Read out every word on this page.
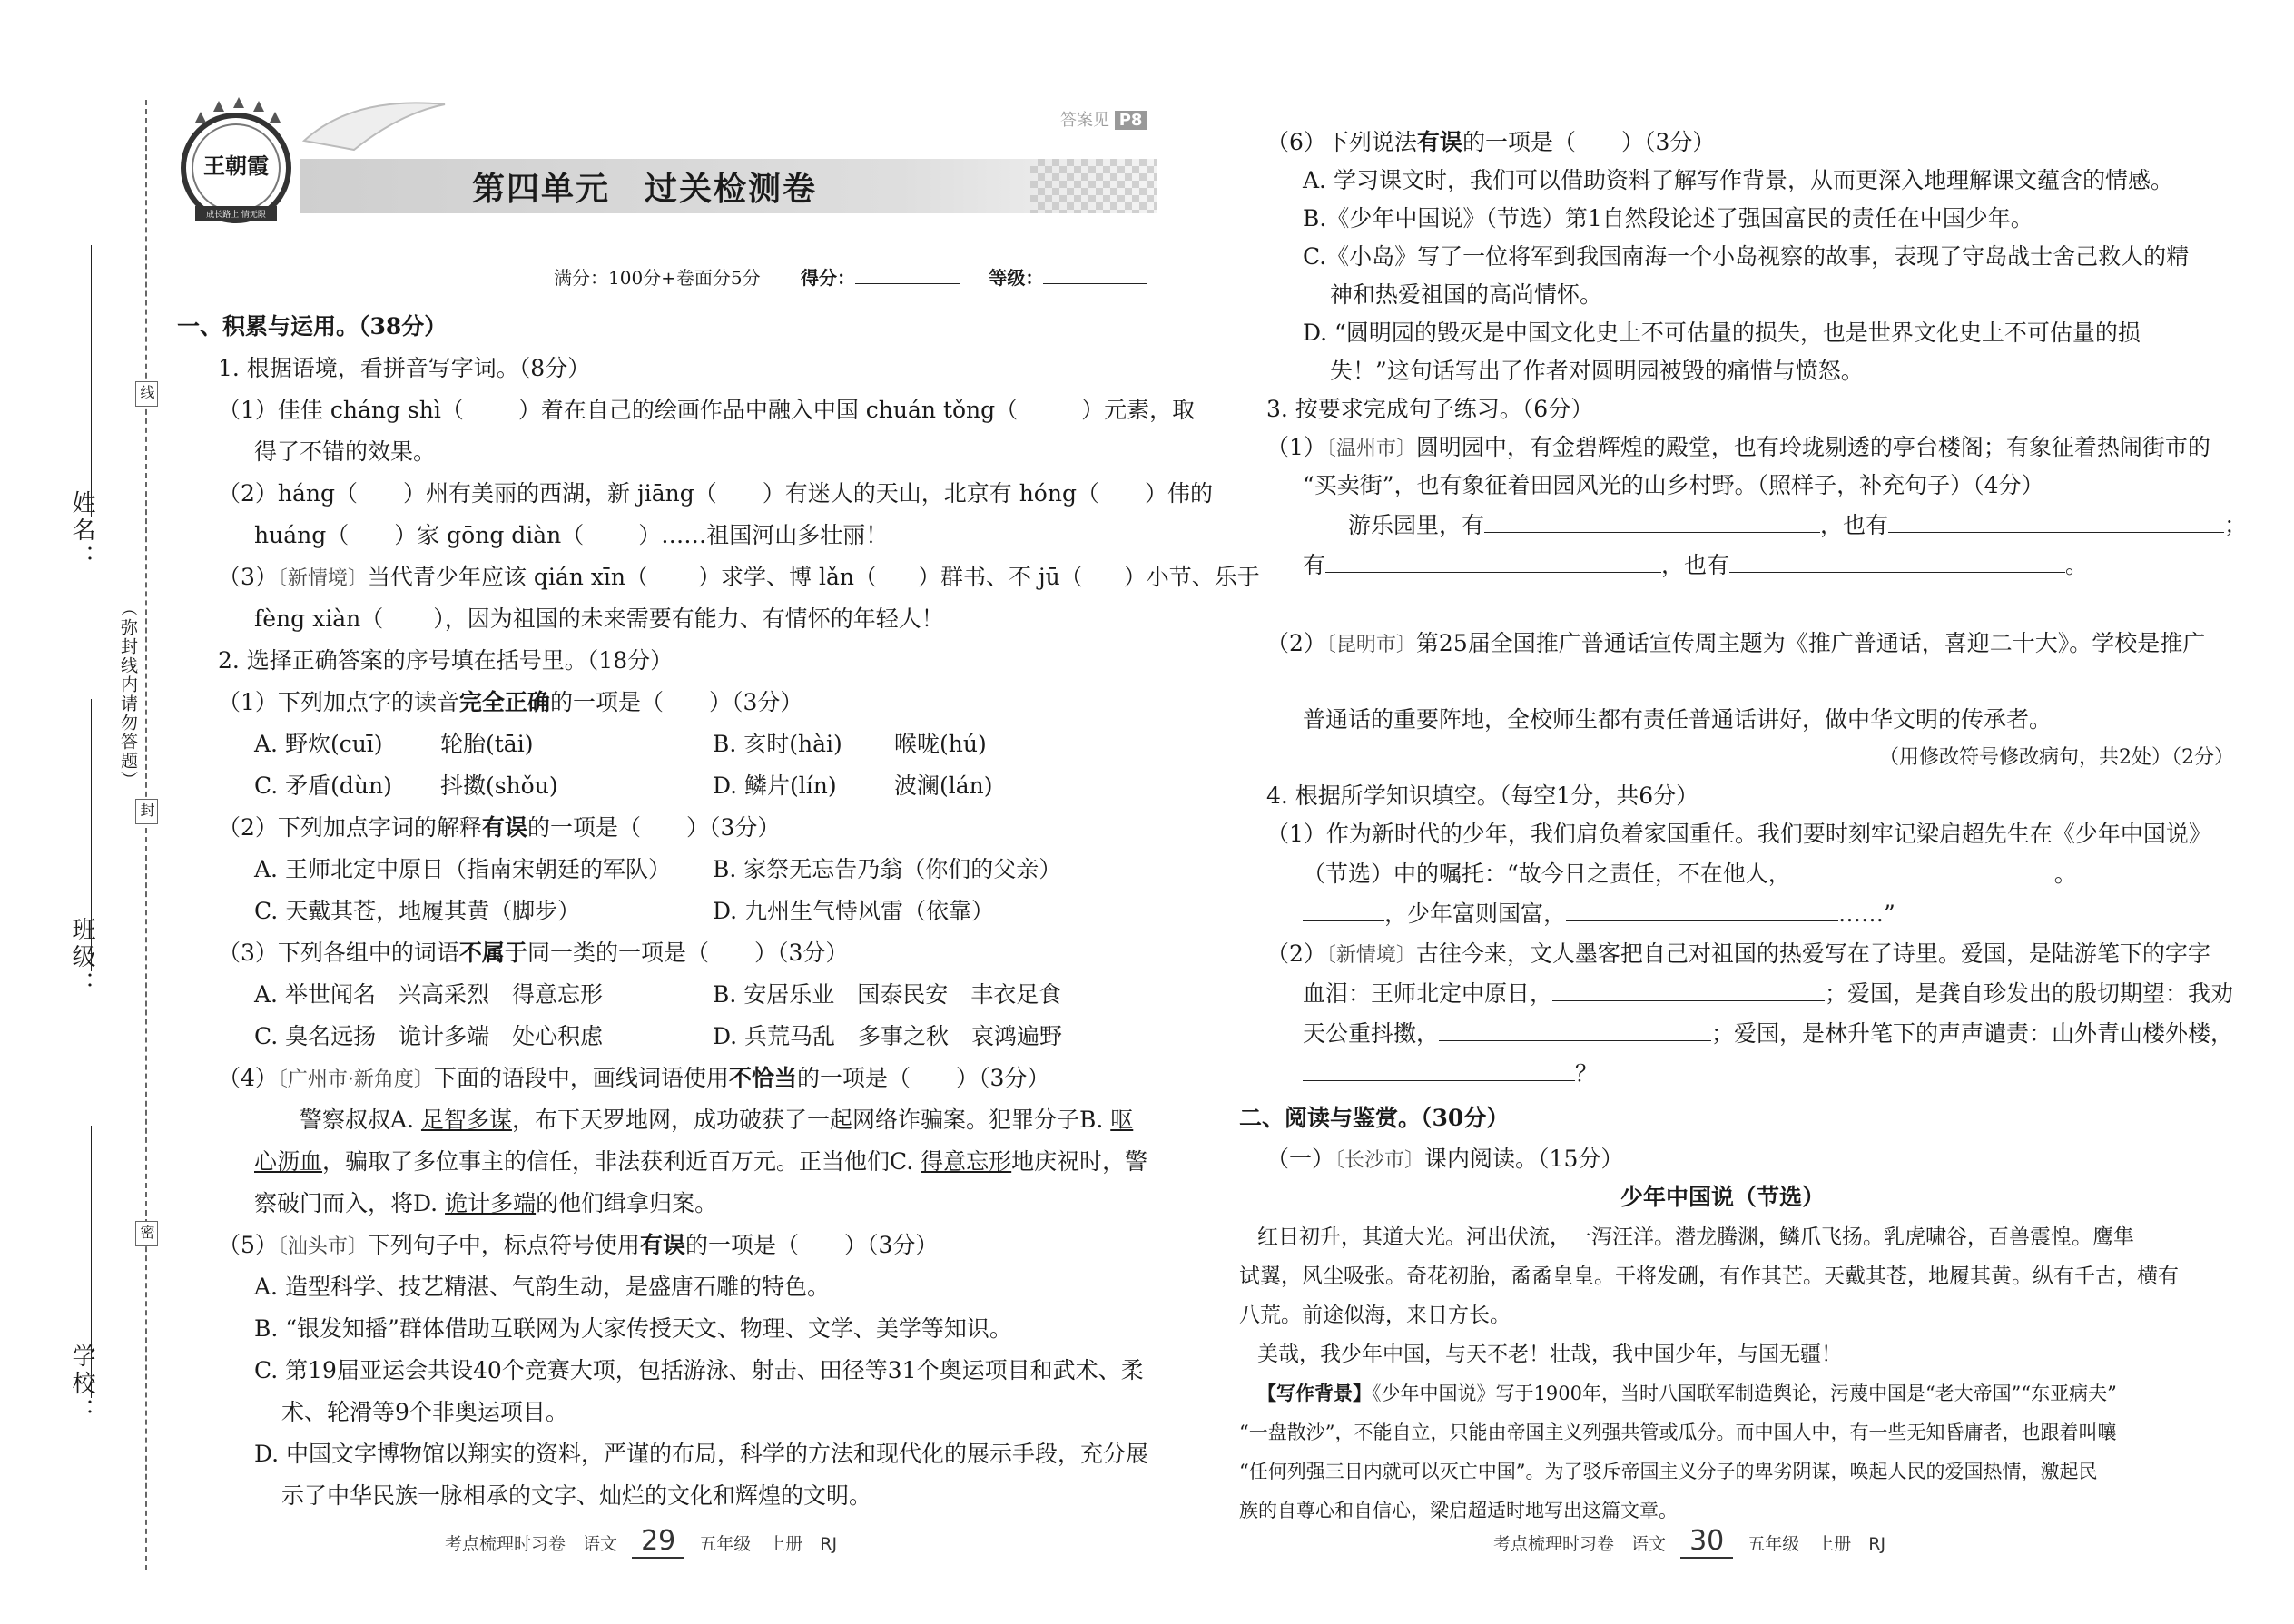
姓名：
班级：
学校：
（弥封线内请勿答题）
线
封
密
王朝霞
成长路上 情无限
答案见 P8
第四单元　过关检测卷
满分：100分+卷面分5分 得分：	等级：
一、积累与运用。（38分）
1. 根据语境，看拼音写字词。（8分）
（1）佳佳 cháng shì（ ）着在自己的绘画作品中融入中国 chuán tǒng（	）元素，取
得了不错的效果。
（2）háng（ ）州有美丽的西湖，新 jiāng（ ）有迷人的天山，北京有 hóng（ ）伟的
huáng（ ）家 gōng diàn（ ）……祖国河山多壮丽！
（3）〔新情境〕当代青少年应该 qián xīn（ ）求学、博 lǎn（ ）群书、不 jū（ ）小节、乐于
fèng xiàn（ ），因为祖国的未来需要有能力、有情怀的年轻人！
2. 选择正确答案的序号填在括号里。（18分）
（1）下列加点字的读音完全正确的一项是（　　）（3分）
A. 野炊(cuī)	轮胎(tāi)	B. 亥时(hài) 喉咙(hú)
C. 矛盾(dùn) 抖擞(shǒu)	D. 鳞片(lín)	波澜(lán)
（2）下列加点字词的解释有误的一项是（　　）（3分）
A. 王师北定中原日（指南宋朝廷的军队） B. 家祭无忘告乃翁（你们的父亲）
C. 天戴其苍，地履其黄（脚步）	D. 九州生气恃风雷（依靠）
（3）下列各组中的词语不属于同一类的一项是（　　）（3分）
A. 举世闻名　兴高采烈　得意忘形	B. 安居乐业　国泰民安　丰衣足食
C. 臭名远扬　诡计多端　处心积虑	D. 兵荒马乱　多事之秋　哀鸿遍野
（4）〔广州市·新角度〕下面的语段中，画线词语使用不恰当的一项是（　　）（3分）
警察叔叔A. 足智多谋，布下天罗地网，成功破获了一起网络诈骗案。犯罪分子B. 呕
心沥血，骗取了多位事主的信任，非法获利近百万元。正当他们C. 得意忘形地庆祝时，警
察破门而入，将D. 诡计多端的他们缉拿归案。
（5）〔汕头市〕下列句子中，标点符号使用有误的一项是（　　）（3分）
A. 造型科学、技艺精湛、气韵生动，是盛唐石雕的特色。
B. “银发知播”群体借助互联网为大家传授天文、物理、文学、美学等知识。
C. 第19届亚运会共设40个竞赛大项，包括游泳、射击、田径等31个奥运项目和武术、柔
术、轮滑等9个非奥运项目。
D. 中国文字博物馆以翔实的资料，严谨的布局，科学的方法和现代化的展示手段，充分展
示了中华民族一脉相承的文字、灿烂的文化和辉煌的文明。
考点梳理时习卷　语文 29 五年级　上册　RJ
（6）下列说法有误的一项是（　　）（3分）
A. 学习课文时，我们可以借助资料了解写作背景，从而更深入地理解课文蕴含的情感。
B.《少年中国说》（节选）第1自然段论述了强国富民的责任在中国少年。
C.《小岛》写了一位将军到我国南海一个小岛视察的故事，表现了守岛战士舍己救人的精
神和热爱祖国的高尚情怀。
D. “圆明园的毁灭是中国文化史上不可估量的损失，也是世界文化史上不可估量的损
失！”这句话写出了作者对圆明园被毁的痛惜与愤怒。
3. 按要求完成句子练习。（6分）
（1）〔温州市〕圆明园中，有金碧辉煌的殿堂，也有玲珑剔透的亭台楼阁；有象征着热闹街市的
“买卖街”，也有象征着田园风光的山乡村野。（照样子，补充句子）（4分）
游乐园里，有	，也有	；
有	，也有	。
（2）〔昆明市〕第25届全国推广普通话宣传周主题为《推广普通话，喜迎二十大》。学校是推广
普通话的重要阵地，全校师生都有责任普通话讲好，做中华文明的传承者。
（用修改符号修改病句，共2处）（2分）
4. 根据所学知识填空。（每空1分，共6分）
（1）作为新时代的少年，我们肩负着家国重任。我们要时刻牢记梁启超先生在《少年中国说》
（节选）中的嘱托：“故今日之责任，不在他人，	。
，少年富则国富，	……”
（2）〔新情境〕古往今来，文人墨客把自己对祖国的热爱写在了诗里。爱国，是陆游笔下的字字
血泪：王师北定中原日，	；爱国，是龚自珍发出的殷切期望：我劝
天公重抖擞，	；爱国，是林升笔下的声声谴责：山外青山楼外楼，
？
二、阅读与鉴赏。（30分）
（一）〔长沙市〕课内阅读。（15分）
少年中国说（节选）
红日初升，其道大光。河出伏流，一泻汪洋。潜龙腾渊，鳞爪飞扬。乳虎啸谷，百兽震惶。鹰隼
试翼，风尘吸张。奇花初胎，矞矞皇皇。干将发硎，有作其芒。天戴其苍，地履其黄。纵有千古，横有
八荒。前途似海，来日方长。
美哉，我少年中国，与天不老！壮哉，我中国少年，与国无疆！
【写作背景】《少年中国说》写于1900年，当时八国联军制造舆论，污蔑中国是“老大帝国”“东亚病夫”
“一盘散沙”，不能自立，只能由帝国主义列强共管或瓜分。而中国人中，有一些无知昏庸者，也跟着叫嚷
“任何列强三日内就可以灭亡中国”。为了驳斥帝国主义分子的卑劣阴谋，唤起人民的爱国热情，激起民
族的自尊心和自信心，梁启超适时地写出这篇文章。
考点梳理时习卷　语文 30 五年级　上册　RJ
